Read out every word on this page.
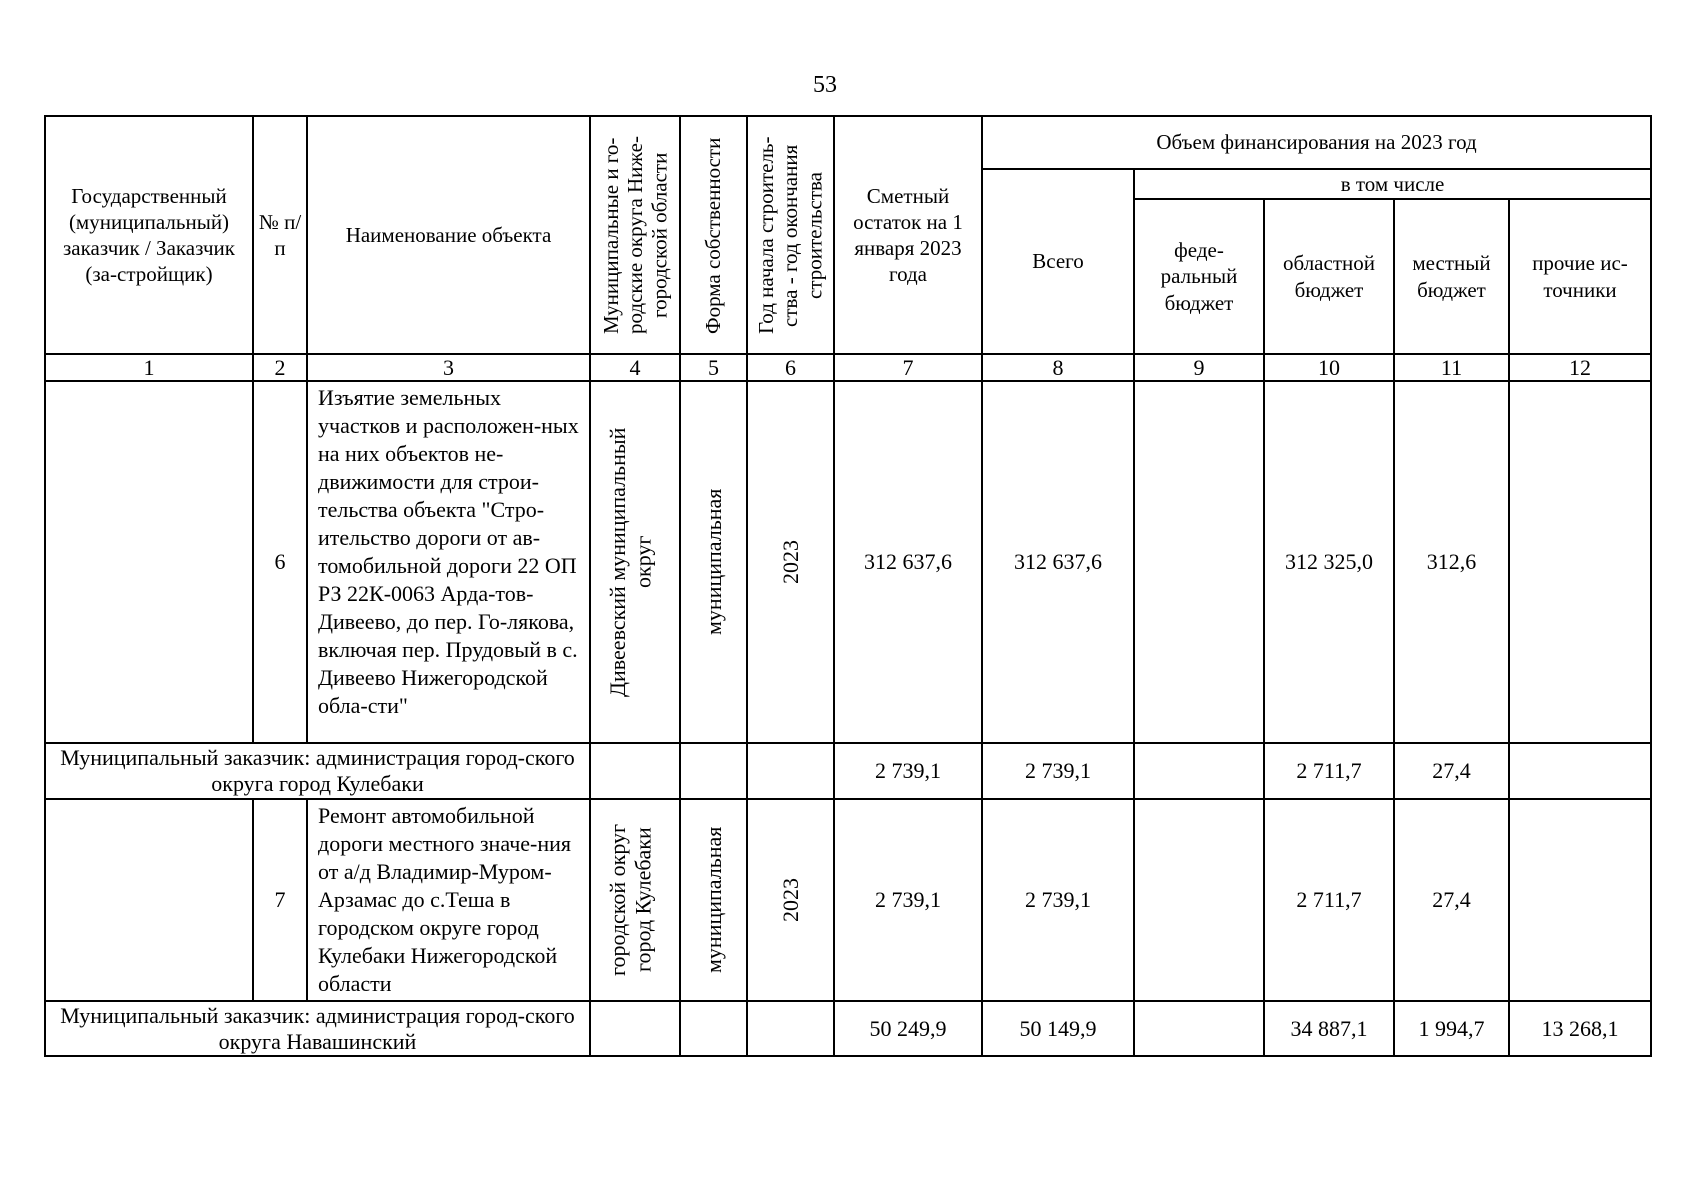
53
Государственный (муниципальный) заказчик / Заказчик (за-стройщик)	№ п/п	Наименование объекта	Муниципальные и го-родские округа Ниже-городской области	Форма собственности	Год начала строитель-ства - год окончания строительства	Сметный остаток на 1 января 2023 года	Объем финансирования на 2023 год				
							Всего	в том числе			
								феде-ральный бюджет	областной бюджет	местный бюджет	прочие ис-точники
1	2	3	4	5	6	7	8	9	10	11	12
	6	Изъятие земельных участков и расположен-ных на них объектов не-движимости для строи-тельства объекта "Стро-ительство дороги от ав-томобильной дороги 22 ОП РЗ 22К-0063 Арда-тов-Дивеево, до пер. Го-лякова, включая пер. Прудовый в с. Дивеево Нижегородской обла-сти"	Дивеевский муниципальный округ	муниципальная	2023	312 637,6	312 637,6		312 325,0	312,6	
Муниципальный заказчик: администрация город-ского округа город Кулебаки						2 739,1	2 739,1		2 711,7	27,4	
	7	Ремонт автомобильной дороги местного значе-ния от а/д Владимир-Муром-Арзамас до с.Теша в городском округе город Кулебаки Нижегородской области	городской округ город Кулебаки	муниципальная	2023	2 739,1	2 739,1		2 711,7	27,4	
Муниципальный заказчик: администрация город-ского округа Навашинский						50 249,9	50 149,9		34 887,1	1 994,7	13 268,1
